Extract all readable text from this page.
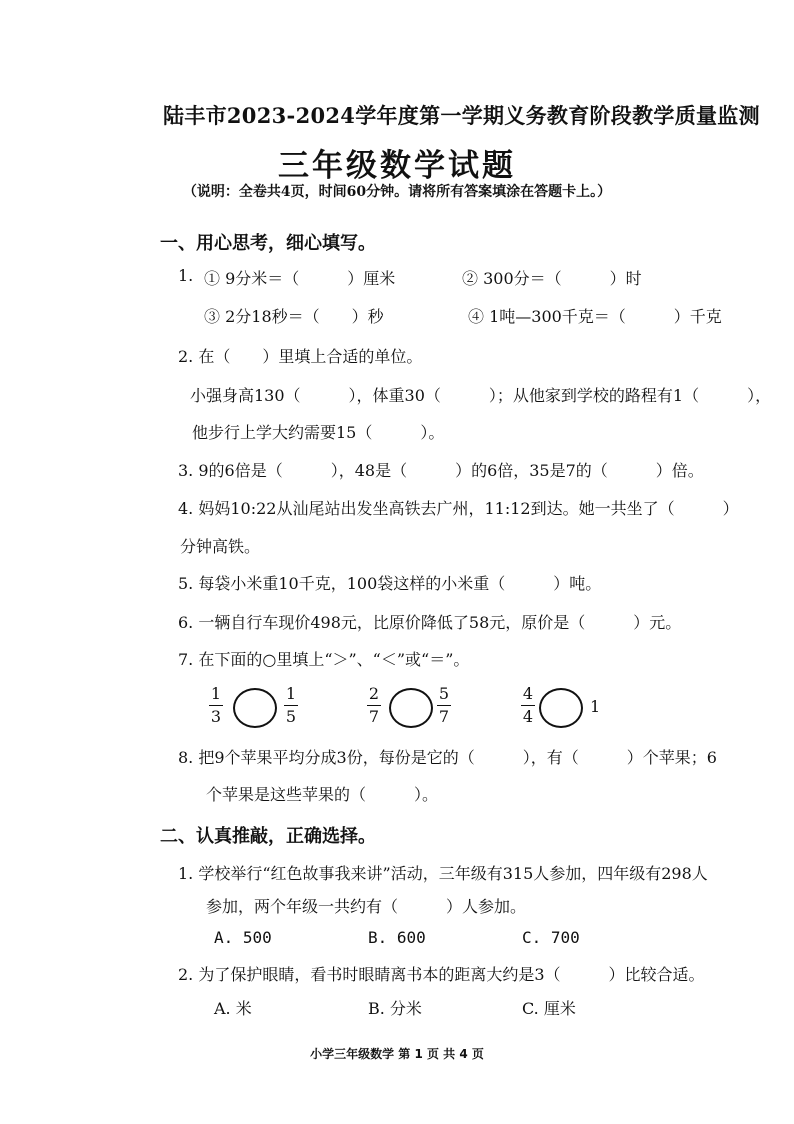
陆丰市2023-2024学年度第一学期义务教育阶段教学质量监测
三年级数学试题
（说明：全卷共4页，时间60分钟。请将所有答案填涂在答题卡上。）
一、用心思考，细心填写。
1. ① 9分米＝（　　　）厘米	② 300分＝（　　　）时
③ 2分18秒＝（　　）秒	④ 1吨—300千克＝（　　　）千克
2. 在（　　）里填上合适的单位。
小强身高130（　　　），体重30（　　　）；从他家到学校的路程有1（　　　），
他步行上学大约需要15（　　　）。
3. 9的6倍是（　　　），48是（　　　）的6倍，35是7的（　　　）倍。
4. 妈妈10:22从汕尾站出发坐高铁去广州，11:12到达。她一共坐了（　　　）
分钟高铁。
5. 每袋小米重10千克，100袋这样的小米重（　　　）吨。
6. 一辆自行车现价498元，比原价降低了58元，原价是（　　　）元。
7. 在下面的○里填上“＞”、“＜”或“＝”。
1
3
1
5
2
7
5
7
4
4
1
8. 把9个苹果平均分成3份，每份是它的（　　　），有（　　　）个苹果；6
个苹果是这些苹果的（　　　）。
二、认真推敲，正确选择。
1. 学校举行“红色故事我来讲”活动，三年级有315人参加，四年级有298人
参加，两个年级一共约有（　　　）人参加。
A. 500	B. 600	C. 700
2. 为了保护眼睛，看书时眼睛离书本的距离大约是3（　　　）比较合适。
A. 米	B. 分米	C. 厘米
小学三年级数学 第 1 页 共 4 页
